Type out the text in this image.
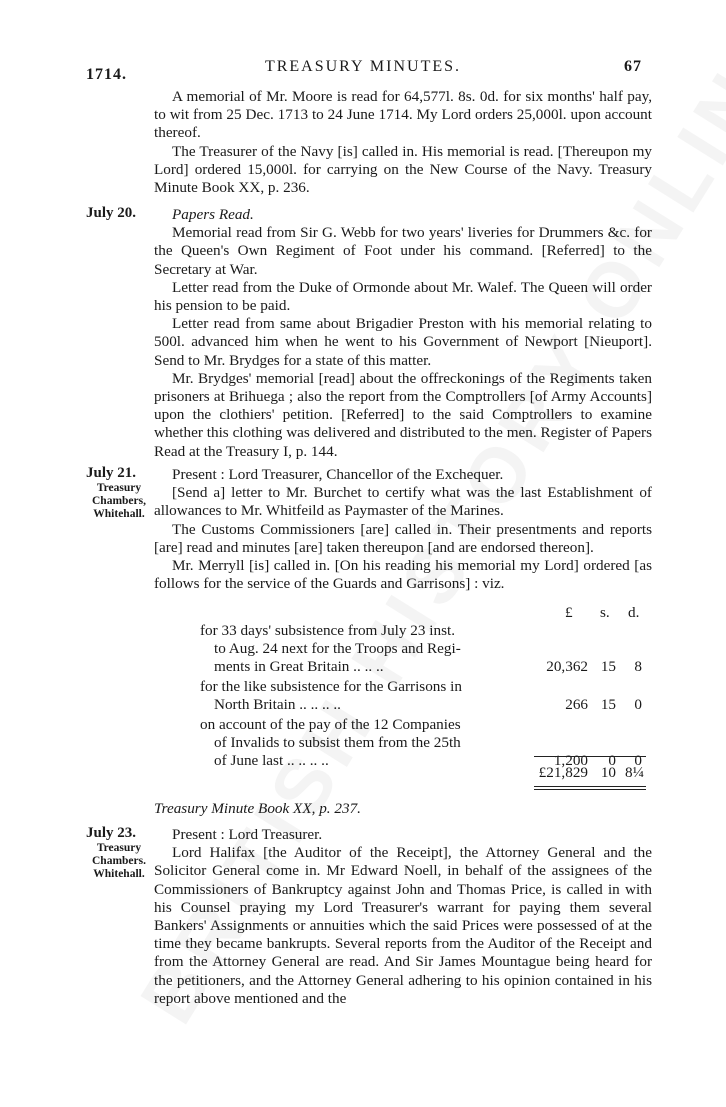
1714.	TREASURY MINUTES.	67

A memorial of Mr. Moore is read for 64,577l. 8s. 0d. for six months' half pay, to wit from 25 Dec. 1713 to 24 June 1714. My Lord orders 25,000l. upon account thereof.

The Treasurer of the Navy [is] called in. His memorial is read. [Thereupon my Lord] ordered 15,000l. for carrying on the New Course of the Navy. Treasury Minute Book XX, p. 236.

July 20.	Papers Read.

Memorial read from Sir G. Webb for two years' liveries for Drummers &c. for the Queen's Own Regiment of Foot under his command. [Referred] to the Secretary at War.

Letter read from the Duke of Ormonde about Mr. Walef. The Queen will order his pension to be paid.

Letter read from same about Brigadier Preston with his memorial relating to 500l. advanced him when he went to his Government of Newport [Nieuport]. Send to Mr. Brydges for a state of this matter.

Mr. Brydges' memorial [read] about the offreckonings of the Regiments taken prisoners at Brihuega ; also the report from the Comptrollers [of Army Accounts] upon the clothiers' petition. [Referred] to the said Comptrollers to examine whether this clothing was delivered and distributed to the men. Register of Papers Read at the Treasury I, p. 144.

July 21.
Treasury
Chambers,
Whitehall.

Present : Lord Treasurer, Chancellor of the Exchequer.

[Send a] letter to Mr. Burchet to certify what was the last Establishment of allowances to Mr. Whitfeild as Paymaster of the Marines.

The Customs Commissioners [are] called in. Their presentments and reports [are] read and minutes [are] taken thereupon [and are endorsed thereon].

Mr. Merryll [is] called in. [On his reading his memorial my Lord] ordered [as follows for the service of the Guards and Garrisons] : viz.

£ s. d.
for 33 days' subsistence from July 23 inst.
to Aug. 24 next for the Troops and Regi-
ments in Great Britain .. .. ..	20,362 15	8
for the like subsistence for the Garrisons in
North Britain .. .. .. ..	266 15	0
on account of the pay of the 12 Companies
of Invalids to subsist them from the 25th
of June last .. .. .. ..	1,200	0	0
£21,829 10 8¼

Treasury Minute Book XX, p. 237.

July 23.
Treasury
Chambers.
Whitehall.

Present : Lord Treasurer.

Lord Halifax [the Auditor of the Receipt], the Attorney General and the Solicitor General come in. Mr Edward Noell, in behalf of the assignees of the Commissioners of Bankruptcy against John and Thomas Price, is called in with his Counsel praying my Lord Treasurer's warrant for paying them several Bankers' Assignments or annuities which the said Prices were possessed of at the time they became bankrupts. Several reports from the Auditor of the Receipt and from the Attorney General are read. And Sir James Mountague being heard for the petitioners, and the Attorney General adhering to his opinion contained in his report above mentioned and the
